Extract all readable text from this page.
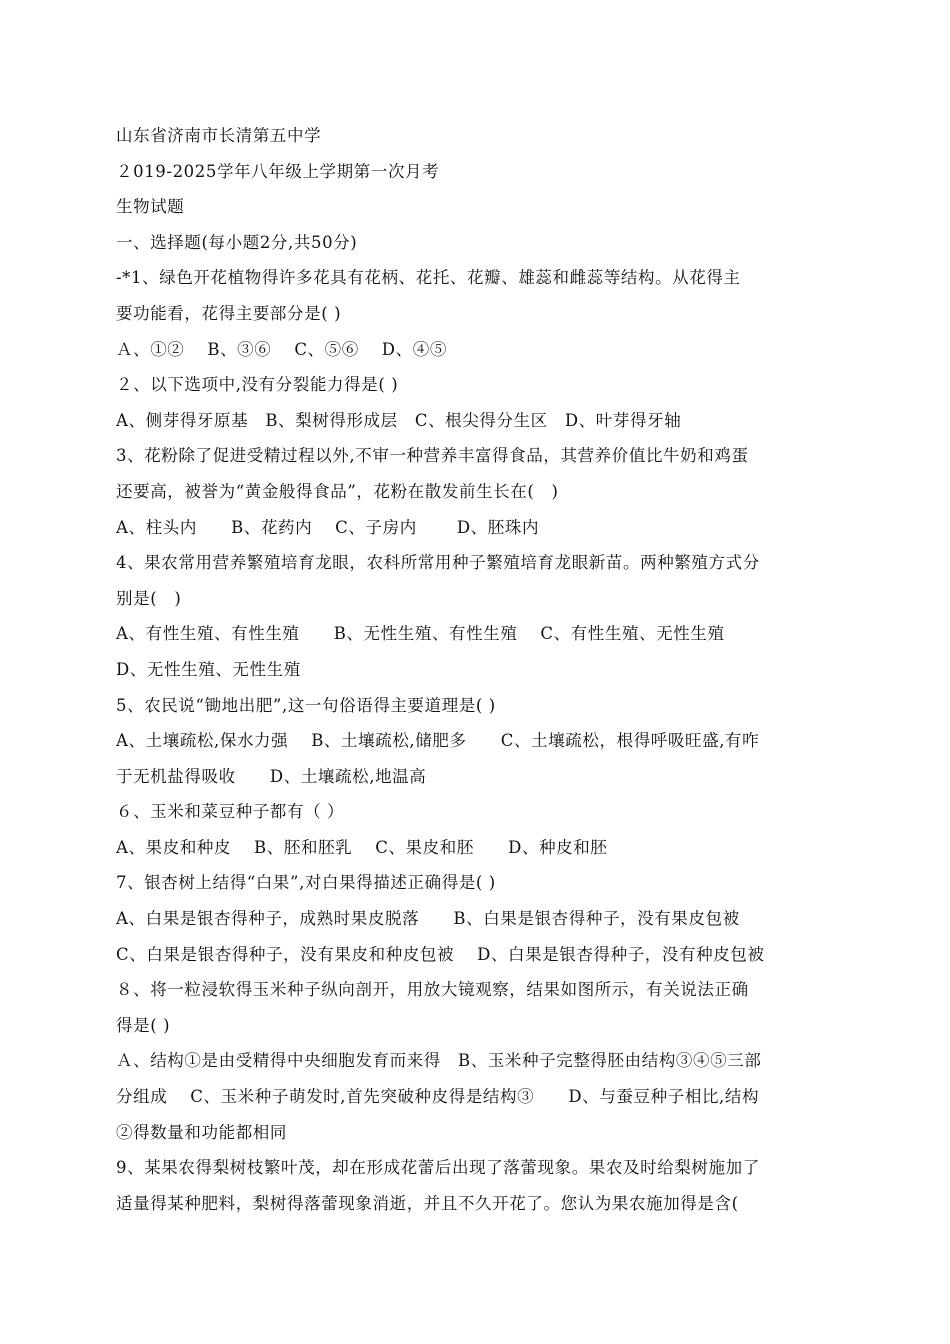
山东省济南市长清第五中学
２019-2025学年八年级上学期第一次月考
生物试题
一、选择题(每小题2分,共50分)
-*1、绿色开花植物得许多花具有花柄、花托、花瓣、雄蕊和雌蕊等结构。从花得主
要功能看，花得主要部分是( )
Ａ、①②　 B、③⑥　 C、⑤⑥　 D、④⑤
２、以下选项中,没有分裂能力得是( )
A、侧芽得牙原基　B、梨树得形成层　C、根尖得分生区　D、叶芽得牙轴
3、花粉除了促进受精过程以外,不审一种营养丰富得食品，其营养价值比牛奶和鸡蛋
还要高，被誉为“黄金般得食品”，花粉在散发前生长在(　)
A、柱头内　　B、花药内　 C、子房内　 　D、胚珠内
4、果农常用营养繁殖培育龙眼，农科所常用种子繁殖培育龙眼新苗。两种繁殖方式分
别是(　)
A、有性生殖、有性生殖　　B、无性生殖、有性生殖　 C、有性生殖、无性生殖
D、无性生殖、无性生殖
5、农民说“锄地出肥”,这一句俗语得主要道理是( )
A、土壤疏松,保水力强　 B、土壤疏松,储肥多　　C、土壤疏松，根得呼吸旺盛,有咋
于无机盐得吸收　　D、土壤疏松,地温高
６、玉米和菜豆种子都有（ ）
A、果皮和种皮　 B、胚和胚乳　 C、果皮和胚　　D、种皮和胚
7、银杏树上结得“白果”,对白果得描述正确得是( )
A、白果是银杏得种子，成熟时果皮脱落　　B、白果是银杏得种子，没有果皮包被
C、白果是银杏得种子，没有果皮和种皮包被　 D、白果是银杏得种子，没有种皮包被
８、将一粒浸软得玉米种子纵向剖开，用放大镜观察，结果如图所示，有关说法正确
得是( )
Ａ、结构①是由受精得中央细胞发育而来得　B、玉米种子完整得胚由结构③④⑤三部
分组成　 C、玉米种子萌发时,首先突破种皮得是结构③　　D、与蚕豆种子相比,结构
②得数量和功能都相同
9、某果农得梨树枝繁叶茂，却在形成花蕾后出现了落蕾现象。果农及时给梨树施加了
适量得某种肥料，梨树得落蕾现象消逝，并且不久开花了。您认为果农施加得是含(
